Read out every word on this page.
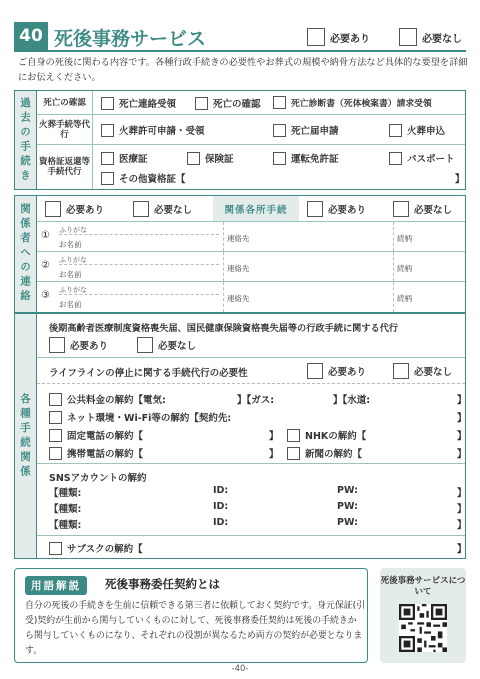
40 死後事務サービス	必要あり	必要なし
ご自身の死後に関わる内容です。各種行政手続きの必要性やお葬式の規模や納骨方法など具体的な要望を詳細にお伝えください。
過去の手続き	死亡の確認	死亡連絡受領	死亡の確認	死亡診断書（死体検案書）請求受領
火葬手続等代行	火葬許可申請・受領	死亡届申請	火葬申込
資格証返還等手続代行
医療証	保険証	運転免許証	パスポート
その他資格証【	】
関係者への連絡	必要あり	必要なし	関係各所手続	必要あり	必要なし
① ふりがな
お名前
連絡先	続柄
② ふりがな
お名前
連絡先	続柄
③ ふりがな
お名前
連絡先	続柄
各種手続関係
後期高齢者医療制度資格喪失届、国民健康保険資格喪失届等の行政手続に関する代行
必要あり	必要なし
ライフラインの停止に関する手続代行の必要性	必要あり	必要なし
公共料金の解約【電気:	】【ガス:	】【水道:	】
ネット環境・Wi-Fi等の解約【契約先:	】
固定電話の解約【	】	NHKの解約【	】
携帯電話の解約【	】	新聞の解約【	】
SNSアカウントの解約
【種類:	ID:	PW:	】
【種類:	ID:	PW:	】
【種類:	ID:	PW:	】
サブスクの解約【	】
用語解説	死後事務委任契約とは
自分の死後の手続きを生前に信頼できる第三者に依頼しておく契約です。身元保証(引受)契約が生前から関与していくものに対して、死後事務委任契約は死後の手続きから関与していくものになり、それぞれの役割が異なるため両方の契約が必要となります。
死後事務サービスについて
-40-
